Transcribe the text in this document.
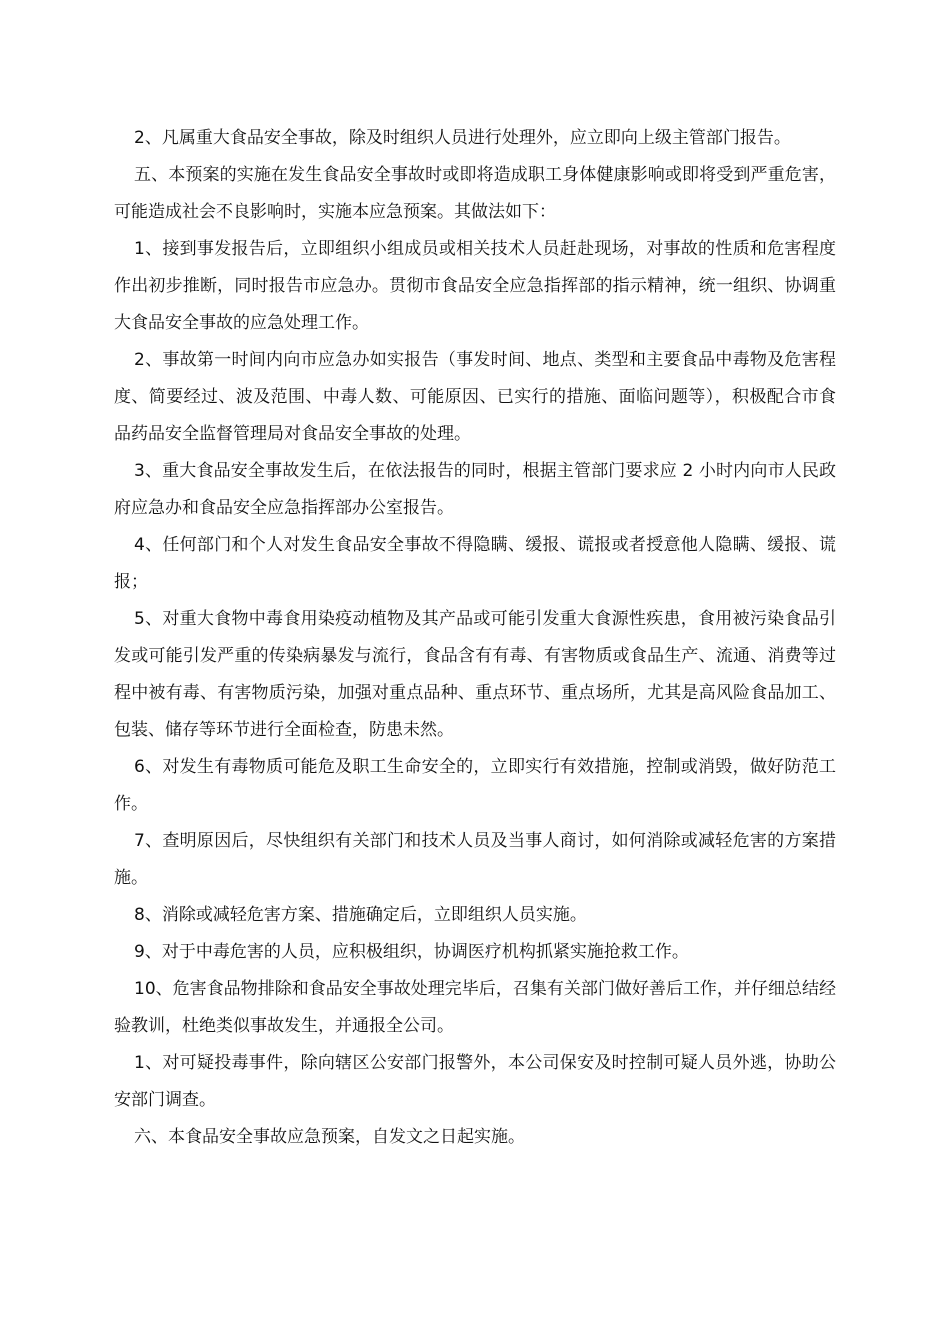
2、凡属重大食品安全事故，除及时组织人员进行处理外，应立即向上级主管部门报告。

五、本预案的实施在发生食品安全事故时或即将造成职工身体健康影响或即将受到严重危害，可能造成社会不良影响时，实施本应急预案。其做法如下：

1、接到事发报告后，立即组织小组成员或相关技术人员赶赴现场，对事故的性质和危害程度作出初步推断，同时报告市应急办。贯彻市食品安全应急指挥部的指示精神，统一组织、协调重大食品安全事故的应急处理工作。

2、事故第一时间内向市应急办如实报告（事发时间、地点、类型和主要食品中毒物及危害程度、简要经过、波及范围、中毒人数、可能原因、已实行的措施、面临问题等），积极配合市食品药品安全监督管理局对食品安全事故的处理。

3、重大食品安全事故发生后，在依法报告的同时，根据主管部门要求应 2 小时内向市人民政府应急办和食品安全应急指挥部办公室报告。

4、任何部门和个人对发生食品安全事故不得隐瞒、缓报、谎报或者授意他人隐瞒、缓报、谎报；

5、对重大食物中毒食用染疫动植物及其产品或可能引发重大食源性疾患，食用被污染食品引发或可能引发严重的传染病暴发与流行，食品含有有毒、有害物质或食品生产、流通、消费等过程中被有毒、有害物质污染，加强对重点品种、重点环节、重点场所，尤其是高风险食品加工、包装、储存等环节进行全面检查，防患未然。

6、对发生有毒物质可能危及职工生命安全的，立即实行有效措施，控制或消毁，做好防范工作。

7、查明原因后，尽快组织有关部门和技术人员及当事人商讨，如何消除或减轻危害的方案措施。

8、消除或减轻危害方案、措施确定后，立即组织人员实施。

9、对于中毒危害的人员，应积极组织，协调医疗机构抓紧实施抢救工作。

10、危害食品物排除和食品安全事故处理完毕后，召集有关部门做好善后工作，并仔细总结经验教训，杜绝类似事故发生，并通报全公司。

1、对可疑投毒事件，除向辖区公安部门报警外，本公司保安及时控制可疑人员外逃，协助公安部门调查。

六、本食品安全事故应急预案，自发文之日起实施。
